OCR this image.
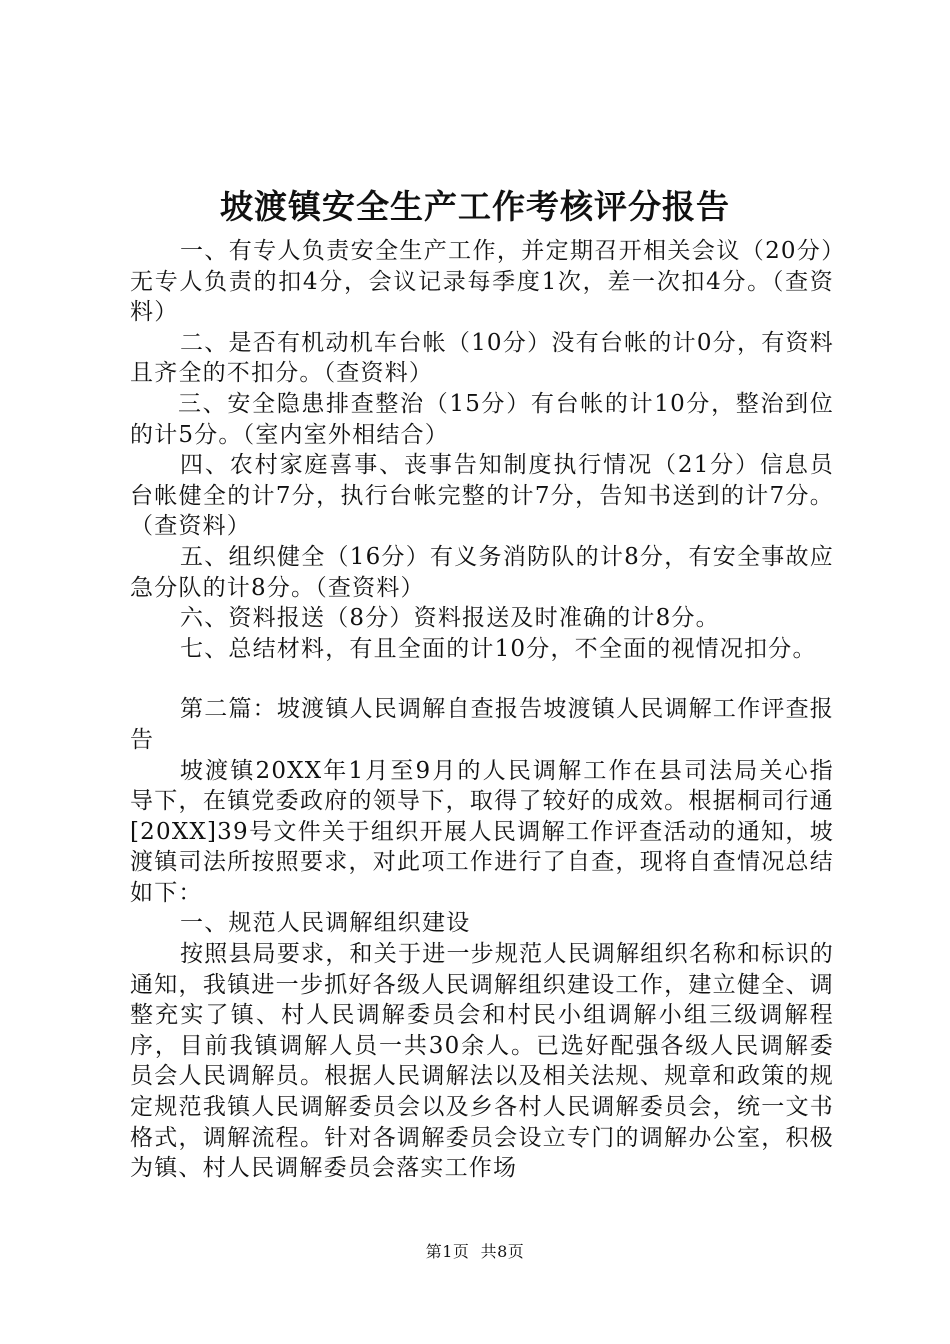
坡渡镇安全生产工作考核评分报告

一、有专人负责安全生产工作，并定期召开相关会议（20分）无专人负责的扣4分，会议记录每季度1次，差一次扣4分。（查资料）

二、是否有机动机车台帐（10分）没有台帐的计0分，有资料且齐全的不扣分。（查资料）

三、安全隐患排查整治（15分）有台帐的计10分，整治到位的计5分。（室内室外相结合）

四、农村家庭喜事、丧事告知制度执行情况（21分）信息员台帐健全的计7分，执行台帐完整的计7分，告知书送到的计7分。（查资料）

五、组织健全（16分）有义务消防队的计8分，有安全事故应急分队的计8分。（查资料）

六、资料报送（8分）资料报送及时准确的计8分。

七、总结材料，有且全面的计10分，不全面的视情况扣分。

第二篇：坡渡镇人民调解自查报告坡渡镇人民调解工作评查报告

坡渡镇20XX年1月至9月的人民调解工作在县司法局关心指导下，在镇党委政府的领导下，取得了较好的成效。根据桐司行通[20XX]39号文件关于组织开展人民调解工作评查活动的通知，坡渡镇司法所按照要求，对此项工作进行了自查，现将自查情况总结如下：

一、规范人民调解组织建设

按照县局要求，和关于进一步规范人民调解组织名称和标识的通知，我镇进一步抓好各级人民调解组织建设工作，建立健全、调整充实了镇、村人民调解委员会和村民小组调解小组三级调解程序，目前我镇调解人员一共30余人。已选好配强各级人民调解委员会人民调解员。根据人民调解法以及相关法规、规章和政策的规定规范我镇人民调解委员会以及乡各村人民调解委员会，统一文书格式，调解流程。针对各调解委员会设立专门的调解办公室，积极为镇、村人民调解委员会落实工作场

第1页 共8页
